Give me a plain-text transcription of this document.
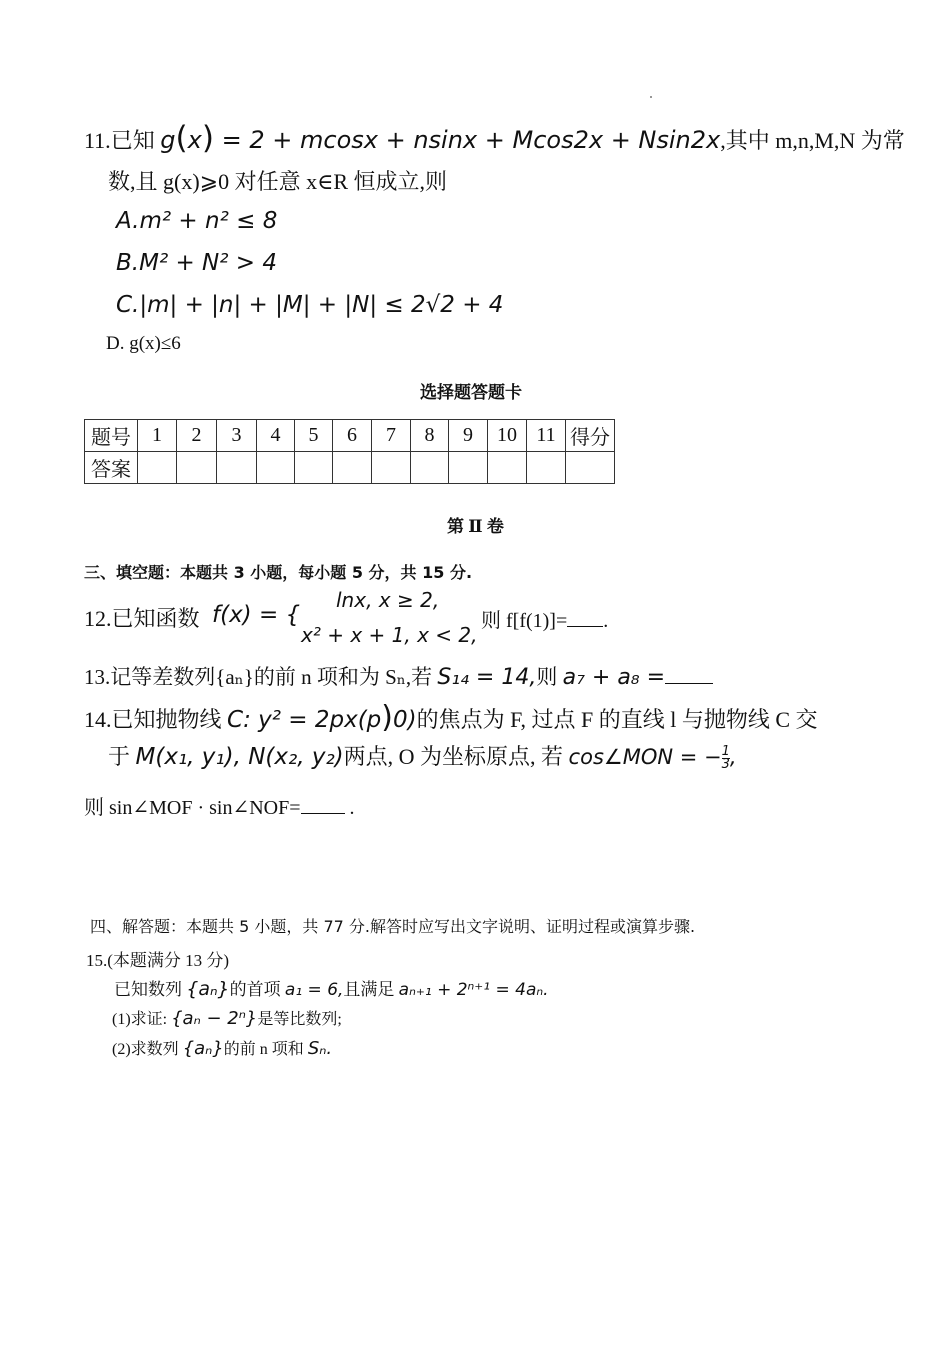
11.已知 g(x) = 2 + mcosx + nsinx + Mcos2x + Nsin2x,其中 m,n,M,N 为常
数,且 g(x)⩾0 对任意 x∈R 恒成立,则
A.m² + n² ≤ 8
B.M² + N² > 4
C.|m| + |n| + |M| + |N| ≤ 2√2 + 4
D. g(x)≤6
选择题答题卡
题号	1	2	3	4	5	6	7	8	9	10	11	得分
答案												
第 Ⅱ 卷
三、填空题：本题共 3 小题，每小题 5 分，共 15 分.
12.已知函数 f(x) = {
lnx, x ≥ 2,
x² + x + 1, x < 2,
则 f[f(1)]= .
13.记等差数列{aₙ}的前 n 项和为 Sₙ,若 S₁₄ = 14,则 a₇ + a₈ =
14.已知抛物线 C: y² = 2px(p)0)的焦点为 F, 过点 F 的直线 l 与抛物线 C 交
于 M(x₁, y₁), N(x₂, y₂)两点, O 为坐标原点, 若 cos∠MON = − $\frac{1}{3}$ ,
则 sin∠MOF · sin∠NOF= .
四、解答题：本题共 5 小题，共 77 分.解答时应写出文字说明、证明过程或演算步骤.
15.(本题满分 13 分)
已知数列 {aₙ}的首项 a₁ = 6,且满足 aₙ₊₁ + 2ⁿ⁺¹ = 4aₙ.
(1)求证: {aₙ − 2ⁿ}是等比数列;
(2)求数列 {aₙ}的前 n 项和 Sₙ.
